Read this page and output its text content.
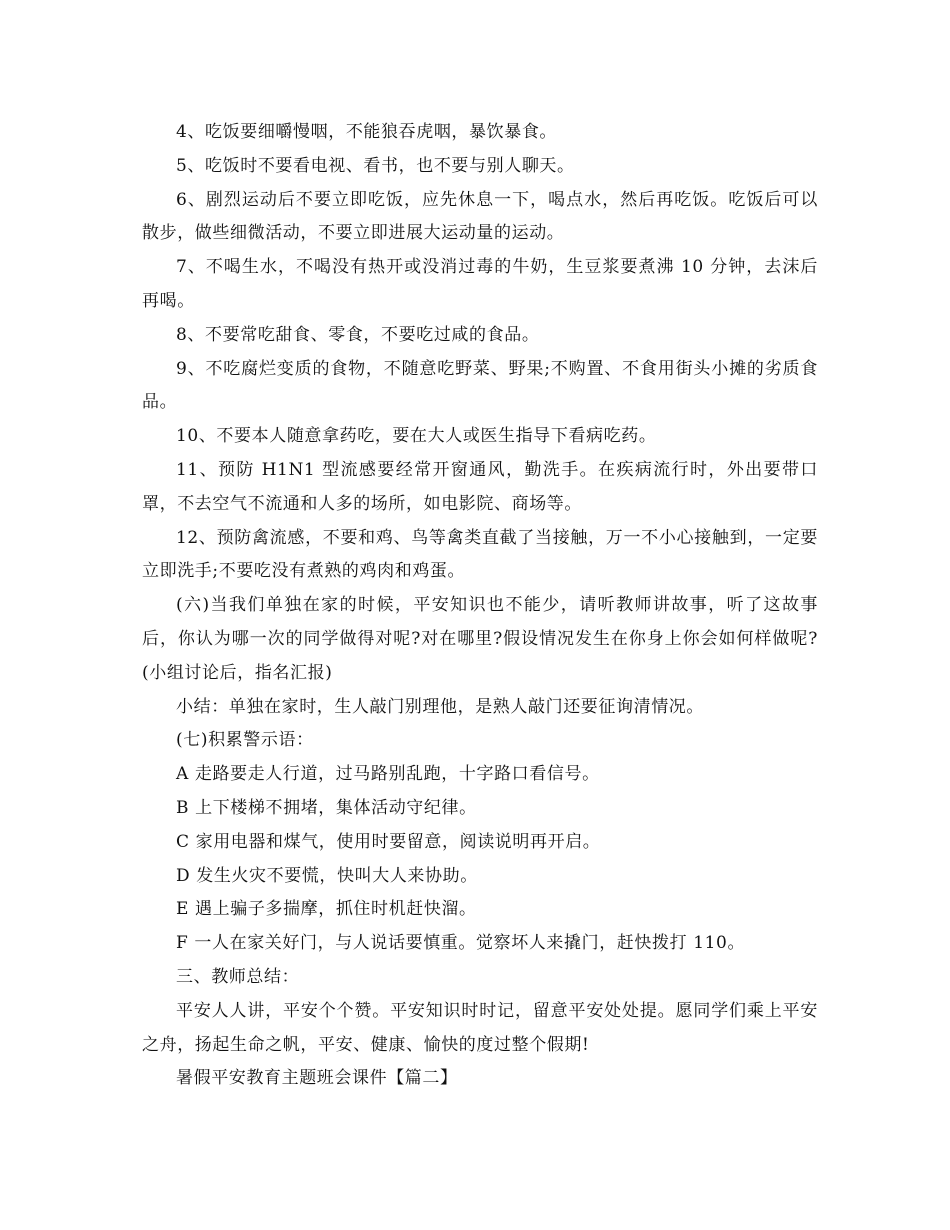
4、吃饭要细嚼慢咽，不能狼吞虎咽，暴饮暴食。

5、吃饭时不要看电视、看书，也不要与别人聊天。

6、剧烈运动后不要立即吃饭，应先休息一下，喝点水，然后再吃饭。吃饭后可以散步，做些细微活动，不要立即进展大运动量的运动。

7、不喝生水，不喝没有热开或没消过毒的牛奶，生豆浆要煮沸 10 分钟，去沫后再喝。

8、不要常吃甜食、零食，不要吃过咸的食品。

9、不吃腐烂变质的食物，不随意吃野菜、野果;不购置、不食用街头小摊的劣质食品。

10、不要本人随意拿药吃，要在大人或医生指导下看病吃药。

11、预防 H1N1 型流感要经常开窗通风，勤洗手。在疾病流行时，外出要带口罩，不去空气不流通和人多的场所，如电影院、商场等。

12、预防禽流感，不要和鸡、鸟等禽类直截了当接触，万一不小心接触到，一定要立即洗手;不要吃没有煮熟的鸡肉和鸡蛋。

(六)当我们单独在家的时候，平安知识也不能少，请听教师讲故事，听了这故事后，你认为哪一次的同学做得对呢?对在哪里?假设情况发生在你身上你会如何样做呢?(小组讨论后，指名汇报)

小结：单独在家时，生人敲门别理他，是熟人敲门还要征询清情况。

(七)积累警示语：

A 走路要走人行道，过马路别乱跑，十字路口看信号。

B 上下楼梯不拥堵，集体活动守纪律。

C 家用电器和煤气，使用时要留意，阅读说明再开启。

D 发生火灾不要慌，快叫大人来协助。

E 遇上骗子多揣摩，抓住时机赶快溜。

F 一人在家关好门，与人说话要慎重。觉察坏人来撬门，赶快拨打 110。

三、教师总结：

平安人人讲，平安个个赞。平安知识时时记，留意平安处处提。愿同学们乘上平安之舟，扬起生命之帆，平安、健康、愉快的度过整个假期!

暑假平安教育主题班会课件【篇二】
